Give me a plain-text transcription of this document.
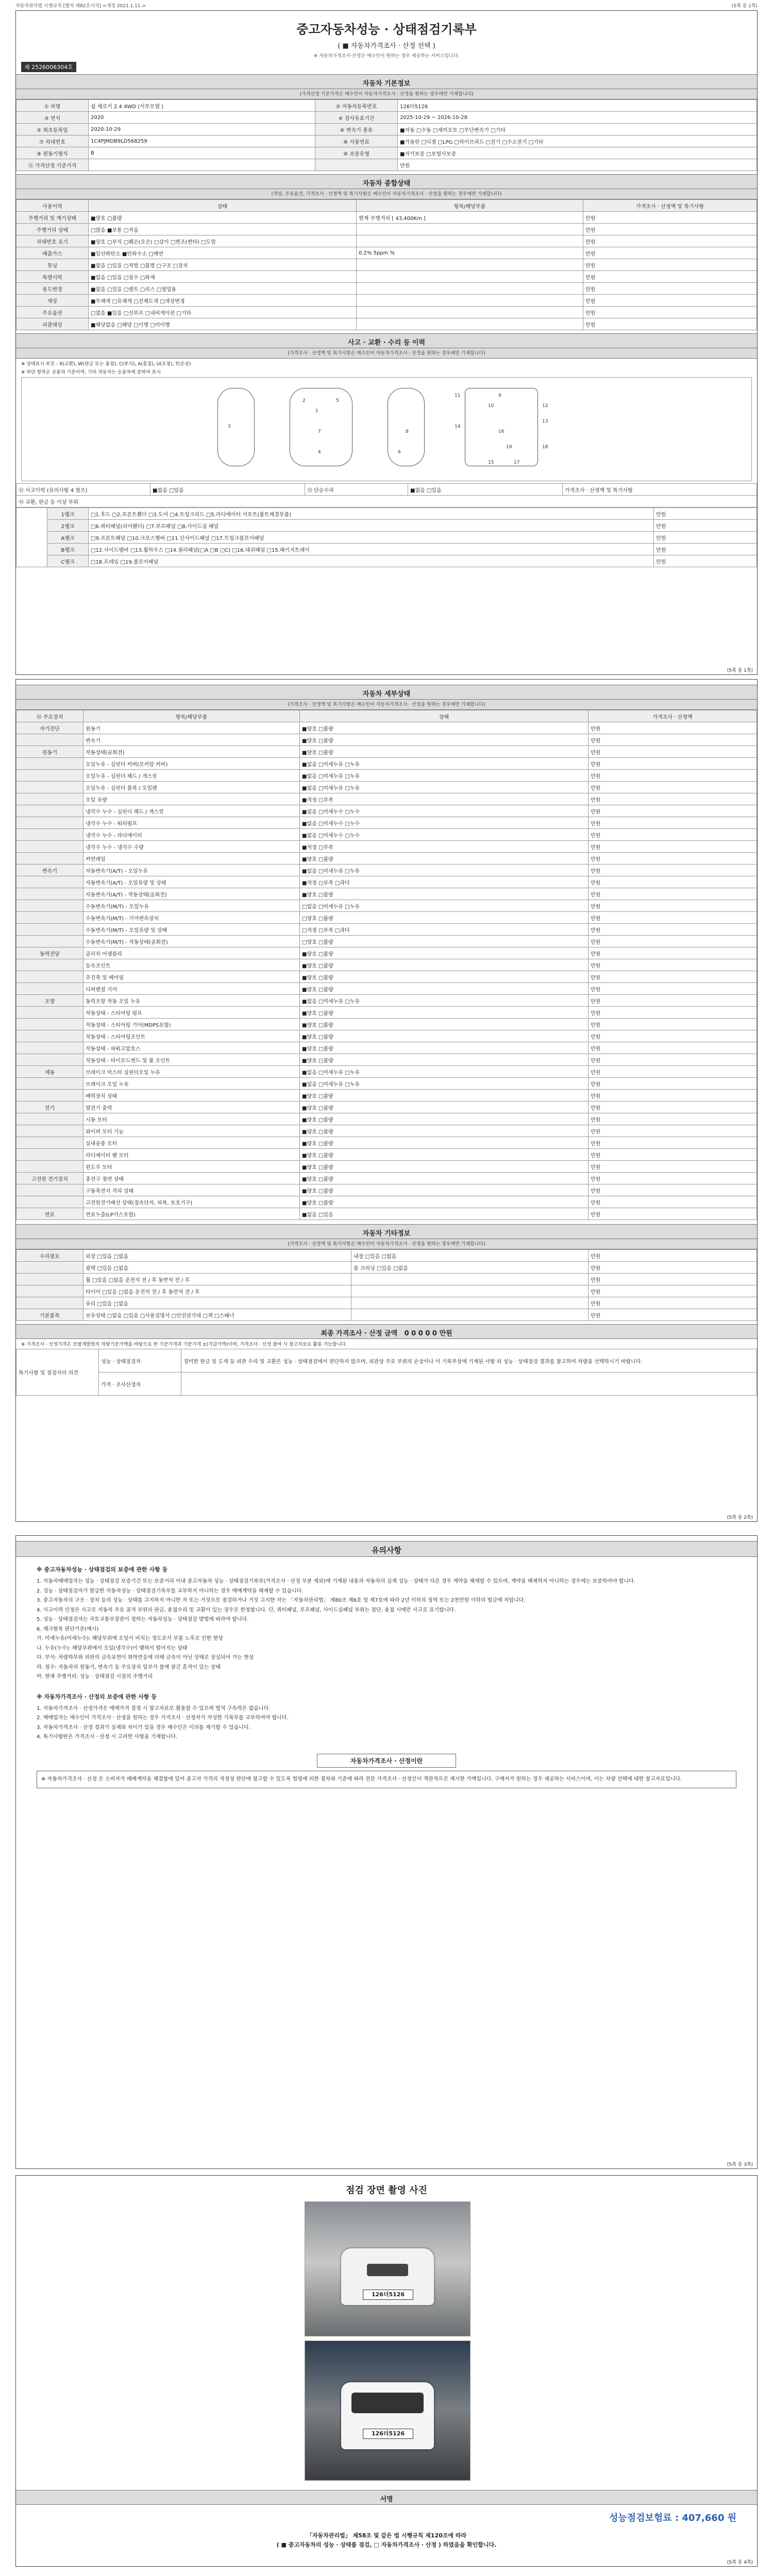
자동차관리법 시행규칙 [별지 제82호서식] <개정 2021.1.11.>	(5쪽 중 1쪽)
중고자동차성능 · 상태점검기록부
( ■ 자동차가격조사 · 산정 선택 )
※ 자동차가격조사·산정은 매수인이 원하는 경우 제공하는 서비스입니다.
제 2526006304호
자동차 기본정보
(가격산정 기준가격은 매수인이 자동차가격조사 · 산정을 원하는 경우에만 기재합니다)
① 차명	쉽 체로키 2.4 4WD (서부모델 )	② 자동차등록번호	126더5126
③ 연식	2020	④ 검사유효기간	2025-10-29 ~ 2026-10-28
⑤ 최초등록일	2020-10-29	⑥ 변속기 종류	■자동 □수동 □세미오토 □무단변속기 □기타
⑦ 차대번호	1C4PJMDB9LD568259	⑧ 사용연료	■가솔린 □디젤 □LPG □하이브리드 □전기 □수소전기 □기타
⑨ 원동기형식	B	⑩ 보증유형	■자가보증 □보험사보증
⑪ 가격산정 기준가격			만원
자동차 종합상태
(색상, 주요옵션, 가격조사 · 산정액 및 특기사항은 매수인이 자동차가격조사 · 산정을 원하는 경우에만 기재합니다)
사용이력	상태	항목/해당부품	가격조사 · 산정액 및 특기사항
주행거리 및 계기상태	■양호 □불량	현재 주행거리 [ 43,400Km ]	만원
주행거리 상태	□많음 ■보통 □적음		만원
차대번호 표기	■양호 □부식 □훼손(오손) □상이 □변조(변타) □도말		만원
배출가스	■일산화탄소 ■탄화수소 □매연	0.2% 5ppm %	만원
튜닝	■없음 □있음 □적법 □불법 □구조 □장치		만원
특별이력	■없음 □있음 □침수 □화재		만원
용도변경	■없음 □있음 □렌트 □리스 □영업용		만원
색상	■무채색 □유채색 □전체도색 □색상변경		만원
주요옵션	□없음 ■있음 □선루프 □내비게이션 □기타		만원
리콜대상	■해당없음 □해당 □이행 □미이행		만원
사고 · 교환 · 수리 등 이력
(가격조사 · 산정액 및 특기사항은 매수인이 자동차가격조사 · 산정을 원하는 경우에만 기재합니다)
※ 상태표시 부호 : X(교환), W(판금 또는 용접), C(부식), A(흠집), U(요철), T(손상)
※ 하단 항목은 승용차 기준이며, 기타 자동차는 승용차에 준하여 표시
1
2
3
4
5
6
7	8
9
10
11
12
13
14
15
16
17
18
19
⑫ 사고이력 (유의사항 4 참조)	■없음 □있음	⑬ 단순수리	■없음 □있음	가격조사 · 산정액 및 특기사항
⑭ 교환, 판금 등 이상 부위
	1랭크	□1.후드 □2.프론트휀더 □3.도어 □4.트렁크리드 □5.라디에이터 서포트(볼트체결부품)	만원
	2랭크	□6.쿼터패널(리어휀더) □7.루프패널 □8.사이드실 패널	만원
	A랭크	□9.프론트패널 □10.크로스멤버 □11.인사이드패널 □17.트렁크플로어패널	만원
	B랭크	□12.사이드멤버 □13.휠하우스 □14.필러패널(□A □B □C) □16.대쉬패널 □15.패키지트레이	만원
	C랭크	□18.프레임 □19.플로어패널	만원
(5쪽 중 1쪽)
자동차 세부상태
(가격조사 · 산정액 및 특기사항은 매수인이 자동차가격조사 · 산정을 원하는 경우에만 기재합니다)
⑮ 주요장치	항목/해당부품	상태	가격조사 · 산정액
자기진단	원동기	■양호 □불량	만원
	변속기	■양호 □불량	만원
원동기	작동상태(공회전)	■양호 □불량	만원
	오일누유 - 실린더 커버(로커암 커버)	■없음 □미세누유 □누유	만원
	오일누유 - 실린더 헤드 / 개스킷	■없음 □미세누유 □누유	만원
	오일누유 - 실린더 블록 / 오일팬	■없음 □미세누유 □누유	만원
	오일 유량	■적정 □부족	만원
	냉각수 누수 - 실린더 헤드 / 개스킷	■없음 □미세누수 □누수	만원
	냉각수 누수 - 워터펌프	■없음 □미세누수 □누수	만원
	냉각수 누수 - 라디에이터	■없음 □미세누수 □누수	만원
	냉각수 누수 - 냉각수 수량	■적정 □부족	만원
	커먼레일	■양호 □불량	만원
변속기	자동변속기(A/T) - 오일누유	■없음 □미세누유 □누유	만원
	자동변속기(A/T) - 오일유량 및 상태	■적정 □부족 □과다	만원
	자동변속기(A/T) - 작동상태(공회전)	■양호 □불량	만원
	수동변속기(M/T) - 오일누유	□없음 □미세누유 □누유	만원
	수동변속기(M/T) - 기어변속장치	□양호 □불량	만원
	수동변속기(M/T) - 오일유량 및 상태	□적정 □부족 □과다	만원
	수동변속기(M/T) - 작동상태(공회전)	□양호 □불량	만원
동력전달	클러치 어셈블리	■양호 □불량	만원
	등속조인트	■양호 □불량	만원
	추진축 및 베어링	■양호 □불량	만원
	디퍼렌셜 기어	■양호 □불량	만원
조향	동력조향 작동 오일 누유	■없음 □미세누유 □누유	만원
	작동상태 - 스티어링 펌프	■양호 □불량	만원
	작동상태 - 스티어링 기어(MDPS포함)	■양호 □불량	만원
	작동상태 - 스티어링조인트	■양호 □불량	만원
	작동상태 - 파워고압호스	■양호 □불량	만원
	작동상태 - 타이로드엔드 및 볼 조인트	■양호 □불량	만원
제동	브레이크 마스터 실린더오일 누유	■없음 □미세누유 □누유	만원
	브레이크 오일 누유	■없음 □미세누유 □누유	만원
	배력장치 상태	■양호 □불량	만원
전기	발전기 출력	■양호 □불량	만원
	시동 모터	■양호 □불량	만원
	와이퍼 모터 기능	■양호 □불량	만원
	실내송풍 모터	■양호 □불량	만원
	라디에이터 팬 모터	■양호 □불량	만원
	윈도우 모터	■양호 □불량	만원
고전원 전기장치	충전구 절연 상태	■양호 □불량	만원
	구동축전지 격리 상태	■양호 □불량	만원
	고전원전기배선 상태(접속단자, 피복, 보호기구)	■양호 □불량	만원
연료	연료누출(LP가스포함)	■없음 □있음	만원
자동차 기타정보
(가격조사 · 산정액 및 특기사항은 매수인이 자동차가격조사 · 산정을 원하는 경우에만 기재합니다)
수리필요	외장 □있음 □없음	내장 □있음 □없음	만원
	광택 □있음 □없음	룸 크리닝 □있음 □없음	만원
	휠 □있음 □없음 운전석 전 / 후 동반석 전 / 후		만원
	타이어 □있음 □없음 운전석 전 / 후 동반석 전 / 후		만원
	유리 □있음 □없음		만원
기본품목	보유상태 □없음 □있음 □사용설명서 □안전삼각대 □잭 □스패너		만원
최종 가격조사 · 산정 금액 0 0 0 0 0 만원
※ 가격조사 · 산정가격은 보험개발원의 차량기준가액을 바탕으로 한 기준가격과 기준가격 ±(가감가액)이며, 가격조사 · 산정 참여 시 참고자료로 활용 가능합니다.
특기사항 및 점검자의 의견	성능 · 상태점검자	경미한 판금 및 도색 등 외관 수리 및 교환은 성능 · 상태점검에서 판단하지 않으며, 외관상 주요 부위의 손상이나 이 기록부상에 기재된 사항 외 성능 · 상태점검 결과를 참고하여 차량을 선택하시기 바랍니다.
	가격 · 조사산정자	
(5쪽 중 2쪽)
유의사항
※ 중고자동차성능 · 상태점검의 보증에 관한 사항 등

1. 자동차매매업자는 성능 · 상태점검 보증기간 또는 보증거리 이내 중고자동차 성능 · 상태점검기록부(가격조사 · 산정 부분 제외)에 기재된 내용과 자동차의 실제 성능 · 상태가 다른 경우 계약을 해제할 수 있으며, 계약을 해제하지 아니하는 경우에는 보증하여야 합니다.

2. 성능 · 상태점검자가 발급한 자동차성능 · 상태점검기록부를 교부하지 아니하는 경우 매매계약을 해제할 수 있습니다.

3. 중고자동차의 구조 · 장치 등의 성능 · 상태를 고지하지 아니한 자 또는 거짓으로 점검하거나 거짓 고지한 자는 「자동차관리법」 제80조 제6호 및 제7호에 따라 2년 이하의 징역 또는 2천만원 이하의 벌금에 처합니다.

4. 사고이력 인정은 사고로 자동차 주요 골격 부위의 판금, 용접수리 및 교환이 있는 경우로 한정합니다. 단, 쿼터패널, 루프패널, 사이드실패널 부위는 절단, 용접 시에만 사고로 표기합니다.

5. 성능 · 상태점검자는 국토교통부장관이 정하는 자동차성능 · 상태점검 방법에 따라야 합니다.

6. 체크항목 판단기준(예시)

가. 미세누유(미세누수): 해당부위에 오일이 비치는 정도로서 부품 노후로 인한 현상

나. 누유(누수): 해당부위에서 오일(냉각수)이 맺혀서 떨어지는 상태

다. 부식: 차량하부와 외판의 금속표면이 화학반응에 의해 금속이 아닌 상태로 상실되어 가는 현상

라. 침수: 자동차의 원동기, 변속기 등 주요장치 일부가 물에 잠긴 흔적이 있는 상태

마. 현재 주행거리: 성능 · 상태점검 시점의 주행거리

※ 자동차가격조사 · 산정의 보증에 관한 사항 등

1. 자동차가격조사 · 산정가격은 매매가격 결정 시 참고자료로 활용할 수 있으며 법적 구속력은 없습니다.

2. 매매업자는 매수인이 가격조사 · 산정을 원하는 경우 가격조사 · 산정자가 작성한 기록부를 교부하여야 합니다.

3. 자동차가격조사 · 산정 결과가 실제와 차이가 있을 경우 매수인은 이의를 제기할 수 있습니다.

4. 특기사항란은 가격조사 · 산정 시 고려한 사항을 기재합니다.

자동차가격조사 · 산정이란
※ 자동차가격조사 · 산정 은 소비자가 매매계약을 체결함에 있어 중고차 가격의 적정성 판단에 참고할 수 있도록 법령에 의한 절차와 기준에 따라 전문 가격조사 · 산정인이 객관적으로 제시한 가액입니다. 구매자가 원하는 경우 제공하는 서비스이며, 이는 차량 선택에 대한 참고자료입니다.
(5쪽 중 3쪽)
점검 장면 촬영 사진
126더5126
126더5126
서명
성능점검보험료 : 407,660 원
「자동차관리법」 제58조 및 같은 법 시행규칙 제120조에 따라
( ■ 중고자동차의 성능 · 상태를 점검, □ 자동차가격조사 · 산정 ) 하였음을 확인합니다.
(5쪽 중 4쪽)
